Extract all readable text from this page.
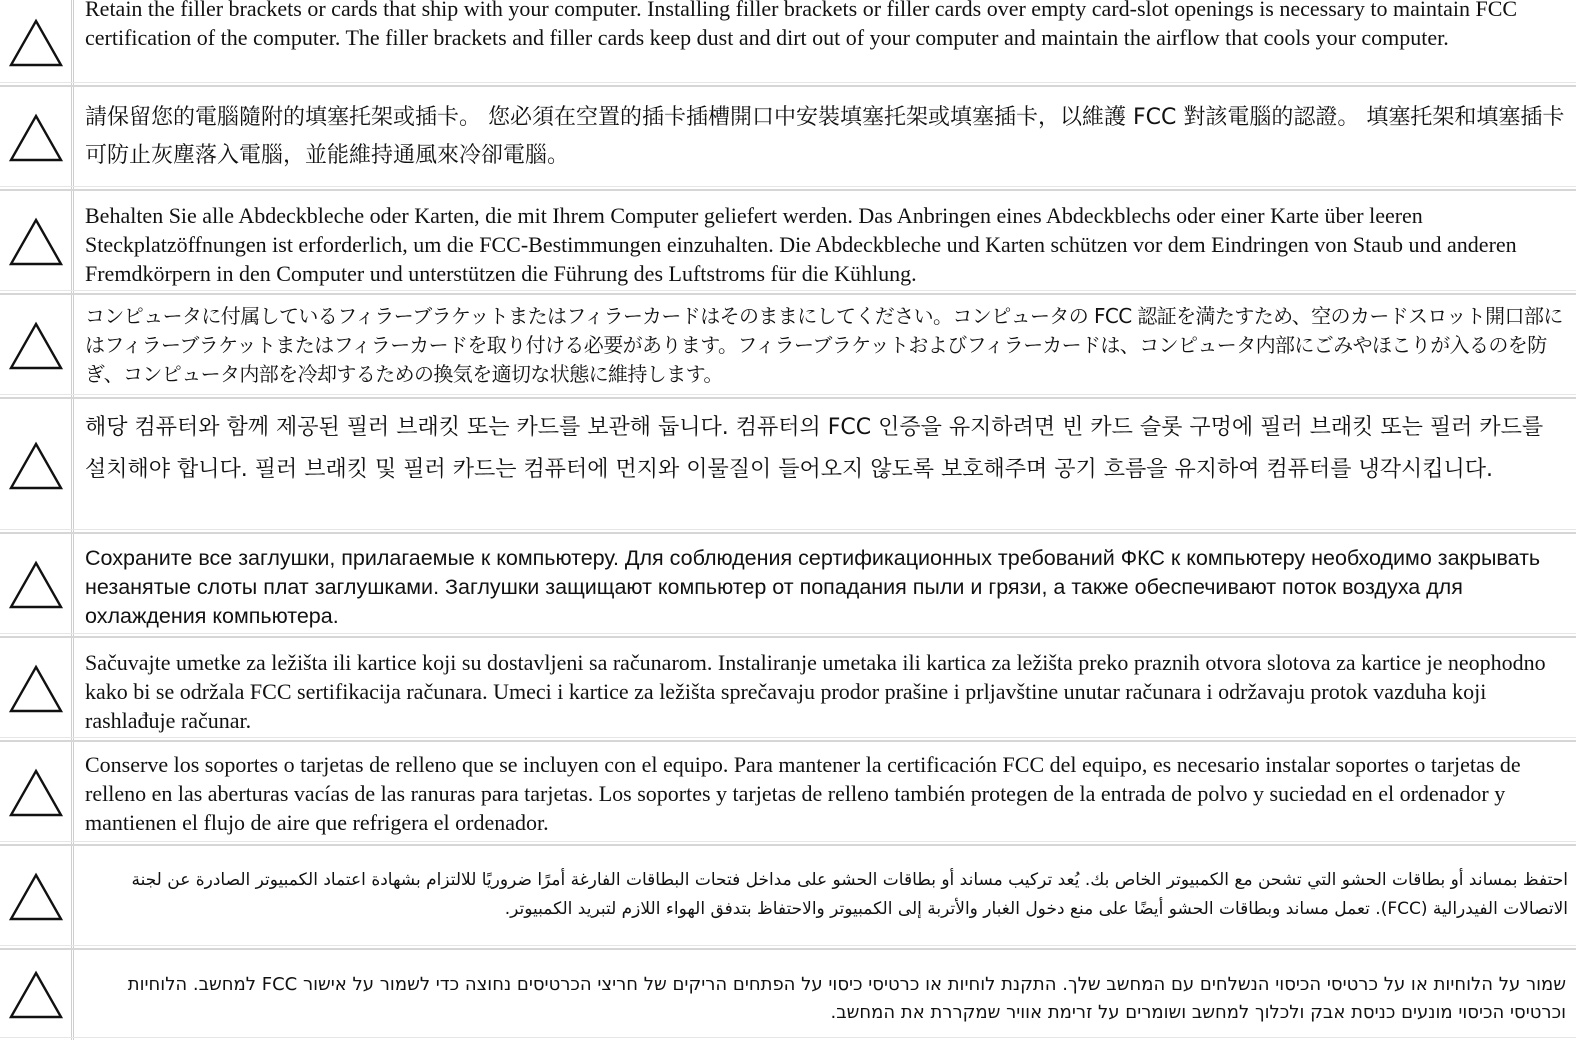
Retain the filler brackets or cards that ship with your computer. Installing filler brackets or filler cards over empty card-slot openings is necessary to maintain FCC certification of the computer. The filler brackets and filler cards keep dust and dirt out of your computer and maintain the airflow that cools your computer.
請保留您的電腦隨附的填塞托架或插卡。 您必須在空置的插卡插槽開口中安裝填塞托架或填塞插卡，以維護 FCC 對該電腦的認證。 填塞托架和填塞插卡可防止灰塵落入電腦，並能維持通風來冷卻電腦。
Behalten Sie alle Abdeckbleche oder Karten, die mit Ihrem Computer geliefert werden. Das Anbringen eines Abdeckblechs oder einer Karte über leeren Steckplatzöffnungen ist erforderlich, um die FCC-Bestimmungen einzuhalten. Die Abdeckbleche und Karten schützen vor dem Eindringen von Staub und anderen Fremdkörpern in den Computer und unterstützen die Führung des Luftstroms für die Kühlung.
コンピュータに付属しているフィラーブラケットまたはフィラーカードはそのままにしてください。コンピュータの FCC 認証を満たすため、空のカードスロット開口部にはフィラーブラケットまたはフィラーカードを取り付ける必要があります。フィラーブラケットおよびフィラーカードは、コンピュータ内部にごみやほこりが入るのを防ぎ、コンピュータ内部を冷却するための換気を適切な状態に維持します。
해당 컴퓨터와 함께 제공된 필러 브래킷 또는 카드를 보관해 둡니다. 컴퓨터의 FCC 인증을 유지하려면 빈 카드 슬롯 구멍에 필러 브래킷 또는 필러 카드를 설치해야 합니다. 필러 브래킷 및 필러 카드는 컴퓨터에 먼지와 이물질이 들어오지 않도록 보호해주며 공기 흐름을 유지하여 컴퓨터를 냉각시킵니다.
Сохраните все заглушки, прилагаемые к компьютеру. Для соблюдения сертификационных требований ФКС к компьютеру необходимо закрывать незанятые слоты плат заглушками. Заглушки защищают компьютер от попадания пыли и грязи, а также обеспечивают поток воздуха для охлаждения компьютера.
Sačuvajte umetke za ležišta ili kartice koji su dostavljeni sa računarom. Instaliranje umetaka ili kartica za ležišta preko praznih otvora slotova za kartice je neophodno kako bi se održala FCC sertifikacija računara. Umeci i kartice za ležišta sprečavaju prodor prašine i prljavštine unutar računara i održavaju protok vazduha koji rashlađuje računar.
Conserve los soportes o tarjetas de relleno que se incluyen con el equipo. Para mantener la certificación FCC del equipo, es necesario instalar soportes o tarjetas de relleno en las aberturas vacías de las ranuras para tarjetas. Los soportes y tarjetas de relleno también protegen de la entrada de polvo y suciedad en el ordenador y mantienen el flujo de aire que refrigera el ordenador.
احتفظ بمساند أو بطاقات الحشو التي تشحن مع الكمبيوتر الخاص بك. يُعد تركيب مساند أو بطاقات الحشو على مداخل فتحات البطاقات الفارغة أمرًا ضروريًا للالتزام بشهادة اعتماد الكمبيوتر الصادرة عن لجنة الاتصالات الفيدرالية (FCC). تعمل مساند وبطاقات الحشو أيضًا على منع دخول الغبار والأتربة إلى الكمبيوتر والاحتفاظ بتدفق الهواء اللازم لتبريد الكمبيوتر.
שמור על הלוחיות או על כרטיסי הכיסוי הנשלחים עם המחשב שלך. התקנת לוחיות או כרטיסי כיסוי על הפתחים הריקים של חריצי הכרטיסים נחוצה כדי לשמור על אישור FCC למחשב. הלוחיות וכרטיסי הכיסוי מונעים כניסת אבק ולכלוך למחשב ושומרים על זרימת אוויר שמקררת את המחשב.
